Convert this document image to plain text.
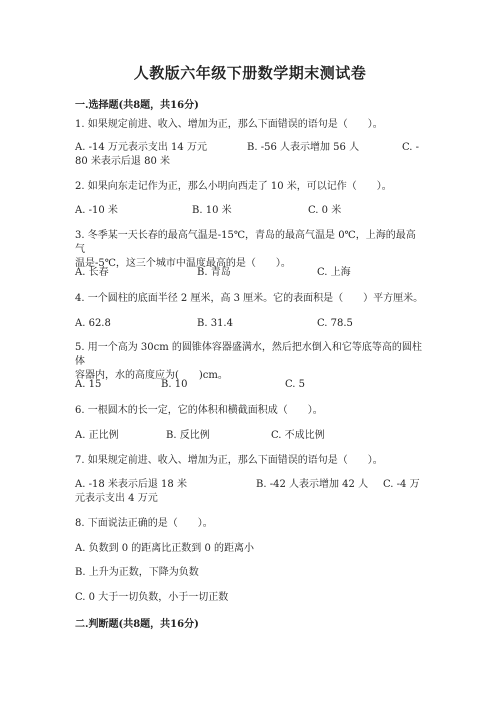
人教版六年级下册数学期末测试卷
一.选择题(共8题，共16分)
1. 如果规定前进、收入、增加为正，那么下面错误的语句是（　　）。
A. -14 万元表示支出 14 万元	B. -56 人表示增加 56 人	C. -
80 米表示后退 80 米
2. 如果向东走记作为正，那么小明向西走了 10 米，可以记作（　　）。
A. -10 米	B. 10 米	C. 0 米
3. 冬季某一天长春的最高气温是-15℃，青岛的最高气温是 0℃，上海的最高气
温是-5℃，这三个城市中温度最高的是（　　）。
A. 长春	B. 青岛	C. 上海
4. 一个圆柱的底面半径 2 厘米，高 3 厘米。它的表面积是（　　）平方厘米。
A. 62.8	B. 31.4	C. 78.5
5. 用一个高为 30cm 的圆锥体容器盛满水，然后把水倒入和它等底等高的圆柱体
容器内，水的高度应为(　　)cm。
A. 15	B. 10	C. 5
6. 一根圆木的长一定，它的体积和横截面积成（　　）。
A. 正比例	B. 反比例	C. 不成比例
7. 如果规定前进、收入、增加为正，那么下面错误的语句是（　　）。
A. -18 米表示后退 18 米	B. -42 人表示增加 42 人 C. -4 万
元表示支出 4 万元
8. 下面说法正确的是（　　）。
A. 负数到 0 的距离比正数到 0 的距离小
B. 上升为正数，下降为负数
C. 0 大于一切负数，小于一切正数
二.判断题(共8题，共16分)
